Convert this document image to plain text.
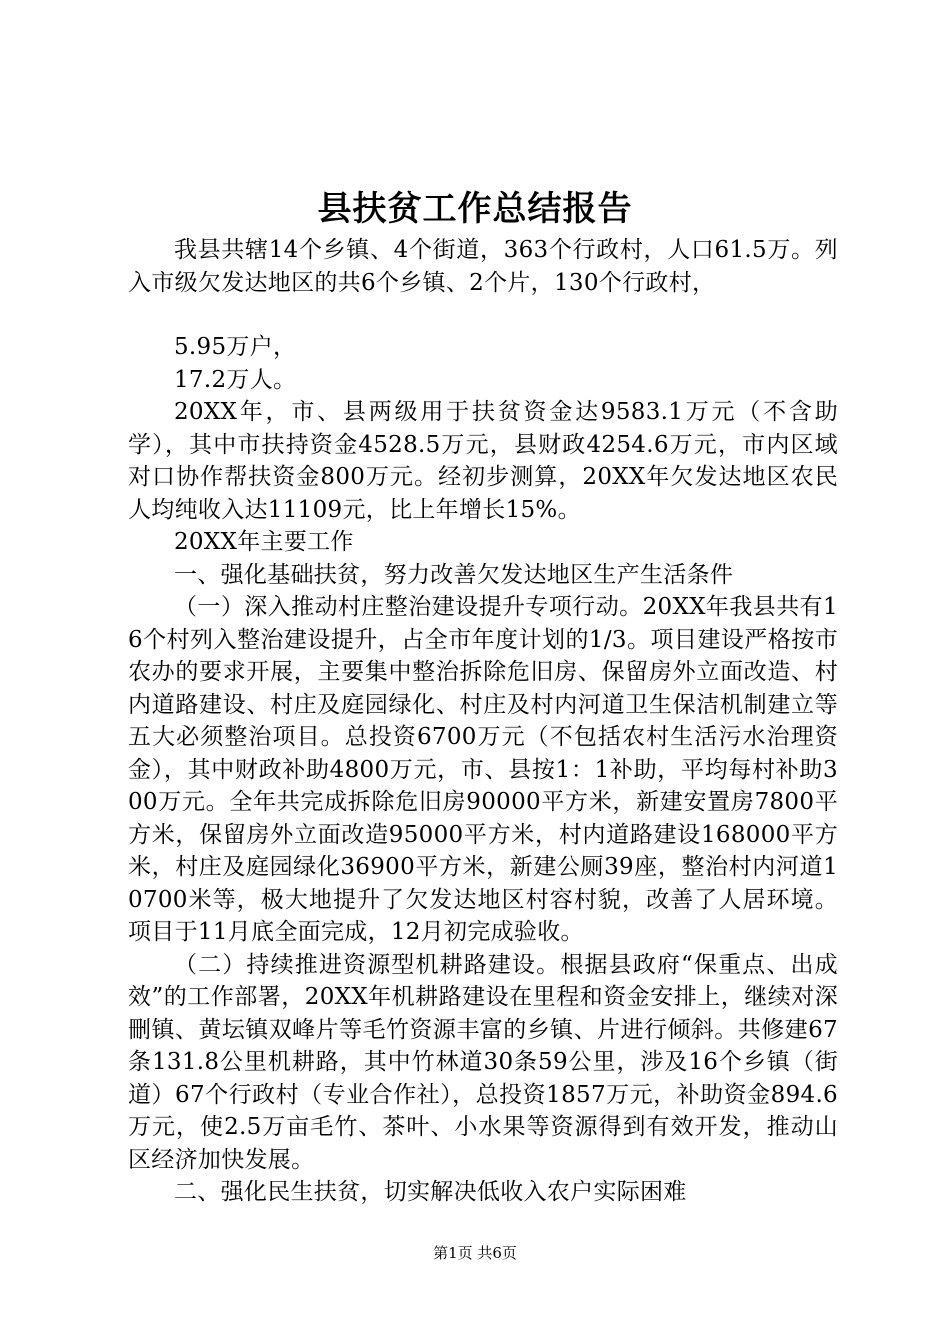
县扶贫工作总结报告

我县共辖14个乡镇、4个街道，363个行政村，人口61.5万。列入市级欠发达地区的共6个乡镇、2个片，130个行政村，

5.95万户，

17.2万人。

20XX年，市、县两级用于扶贫资金达9583.1万元（不含助学），其中市扶持资金4528.5万元，县财政4254.6万元，市内区域对口协作帮扶资金800万元。经初步测算，20XX年欠发达地区农民人均纯收入达11109元，比上年增长15%。

20XX年主要工作

一、强化基础扶贫，努力改善欠发达地区生产生活条件

（一）深入推动村庄整治建设提升专项行动。20XX年我县共有16个村列入整治建设提升，占全市年度计划的1/3。项目建设严格按市农办的要求开展，主要集中整治拆除危旧房、保留房外立面改造、村内道路建设、村庄及庭园绿化、村庄及村内河道卫生保洁机制建立等五大必须整治项目。总投资6700万元（不包括农村生活污水治理资金），其中财政补助4800万元，市、县按1：1补助，平均每村补助300万元。全年共完成拆除危旧房90000平方米，新建安置房7800平方米，保留房外立面改造95000平方米，村内道路建设168000平方米，村庄及庭园绿化36900平方米，新建公厕39座，整治村内河道10700米等，极大地提升了欠发达地区村容村貌，改善了人居环境。项目于11月底全面完成，12月初完成验收。

（二）持续推进资源型机耕路建设。根据县政府“保重点、出成效”的工作部署，20XX年机耕路建设在里程和资金安排上，继续对深刪镇、黄坛镇双峰片等毛竹资源丰富的乡镇、片进行倾斜。共修建67条131.8公里机耕路，其中竹林道30条59公里，涉及16个乡镇（街道）67个行政村（专业合作社），总投资1857万元，补助资金894.6万元，使2.5万亩毛竹、茶叶、小水果等资源得到有效开发，推动山区经济加快发展。

二、强化民生扶贫，切实解决低收入农户实际困难

第1页 共6页
